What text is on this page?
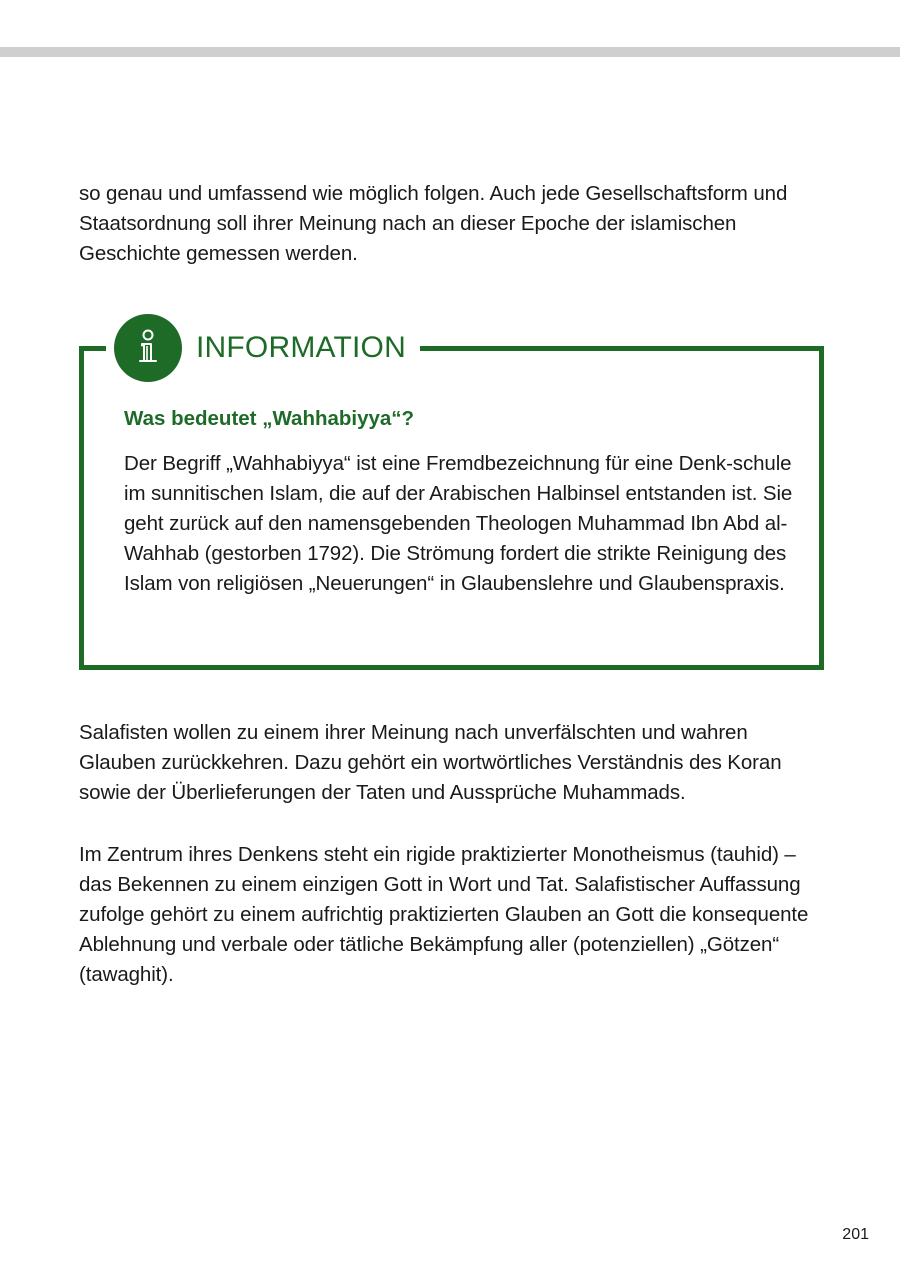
so genau und umfassend wie möglich folgen. Auch jede Gesellschaftsform und Staatsordnung soll ihrer Meinung nach an dieser Epoche der islamischen Geschichte gemessen werden.

INFORMATION
Was bedeutet „Wahhabiyya“?

Der Begriff „Wahhabiyya“ ist eine Fremdbezeichnung für eine Denk-schule im sunnitischen Islam, die auf der Arabischen Halbinsel entstanden ist. Sie geht zurück auf den namensgebenden Theologen Muhammad Ibn Abd al-Wahhab (gestorben 1792). Die Strömung fordert die strikte Reinigung des Islam von religiösen „Neuerungen“ in Glaubenslehre und Glaubenspraxis.

Salafisten wollen zu einem ihrer Meinung nach unverfälschten und wahren Glauben zurückkehren. Dazu gehört ein wortwörtliches Verständnis des Koran sowie der Überlieferungen der Taten und Aussprüche Muhammads.

Im Zentrum ihres Denkens steht ein rigide praktizierter Monotheismus (tauhid) – das Bekennen zu einem einzigen Gott in Wort und Tat. Salafistischer Auffassung zufolge gehört zu einem aufrichtig praktizierten Glauben an Gott die konsequente Ablehnung und verbale oder tätliche Bekämpfung aller (potenziellen) „Götzen“ (tawaghit).

201
